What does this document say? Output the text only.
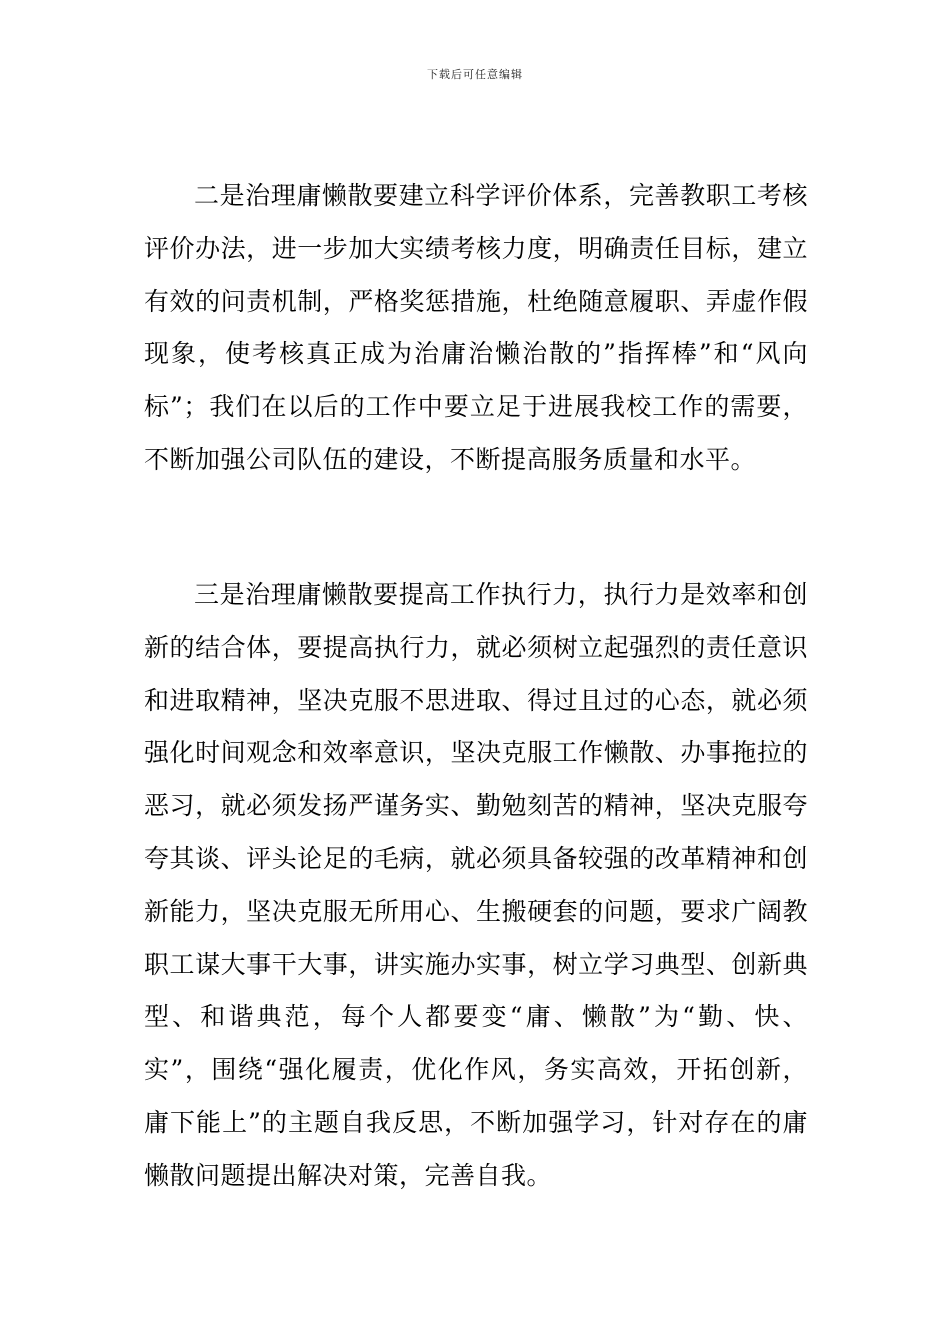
下载后可任意编辑

二是治理庸懒散要建立科学评价体系，完善教职工考核评价办法，进一步加大实绩考核力度，明确责任目标，建立有效的问责机制，严格奖惩措施，杜绝随意履职、弄虚作假现象，使考核真正成为治庸治懒治散的”指挥棒”和“风向标”；我们在以后的工作中要立足于进展我校工作的需要，不断加强公司队伍的建设，不断提高服务质量和水平。

三是治理庸懒散要提高工作执行力，执行力是效率和创新的结合体，要提高执行力，就必须树立起强烈的责任意识和进取精神，坚决克服不思进取、得过且过的心态，就必须强化时间观念和效率意识，坚决克服工作懒散、办事拖拉的恶习，就必须发扬严谨务实、勤勉刻苦的精神，坚决克服夸夸其谈、评头论足的毛病，就必须具备较强的改革精神和创新能力，坚决克服无所用心、生搬硬套的问题，要求广阔教职工谋大事干大事，讲实施办实事，树立学习典型、创新典型、和谐典范，每个人都要变“庸、懒散”为“勤、快、实”，围绕“强化履责，优化作风，务实高效，开拓创新，庸下能上”的主题自我反思，不断加强学习，针对存在的庸懒散问题提出解决对策，完善自我。
